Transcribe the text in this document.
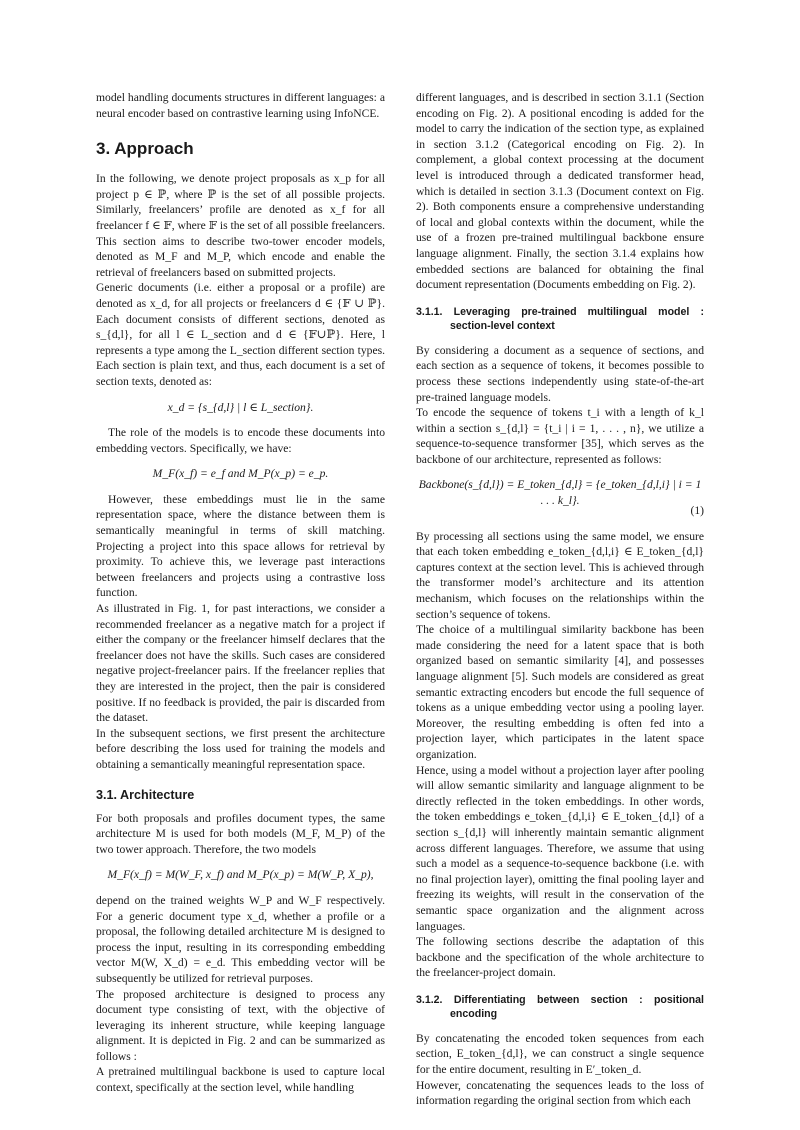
model handling documents structures in different languages: a neural encoder based on contrastive learning using InfoNCE.

3. Approach

In the following, we denote project proposals as x_p for all project p ∈ ℙ, where ℙ is the set of all possible projects. Similarly, freelancers’ profile are denoted as x_f for all freelancer f ∈ 𝔽, where 𝔽 is the set of all possible freelancers. This section aims to describe two-tower encoder models, denoted as M_F and M_P, which encode and enable the retrieval of freelancers based on submitted projects.

Generic documents (i.e. either a proposal or a profile) are denoted as x_d, for all projects or freelancers d ∈ {𝔽 ∪ ℙ}. Each document consists of different sections, denoted as s_{d,l}, for all l ∈ L_section and d ∈ {𝔽∪ℙ}. Here, l represents a type among the L_section different section types. Each section is plain text, and thus, each document is a set of section texts, denoted as:

x_d = {s_{d,l} | l ∈ L_section}.

The role of the models is to encode these documents into embedding vectors. Specifically, we have:

M_F(x_f) = e_f and M_P(x_p) = e_p.

However, these embeddings must lie in the same representation space, where the distance between them is semantically meaningful in terms of skill matching. Projecting a project into this space allows for retrieval by proximity. To achieve this, we leverage past interactions between freelancers and projects using a contrastive loss function.

As illustrated in Fig. 1, for past interactions, we consider a recommended freelancer as a negative match for a project if either the company or the freelancer himself declares that the freelancer does not have the skills. Such cases are considered negative project-freelancer pairs. If the freelancer replies that they are interested in the project, then the pair is considered positive. If no feedback is provided, the pair is discarded from the dataset.

In the subsequent sections, we first present the architecture before describing the loss used for training the models and obtaining a semantically meaningful representation space.

3.1. Architecture

For both proposals and profiles document types, the same architecture M is used for both models (M_F, M_P) of the two tower approach. Therefore, the two models

M_F(x_f) = M(W_F, x_f) and M_P(x_p) = M(W_P, X_p),

depend on the trained weights W_P and W_F respectively. For a generic document type x_d, whether a profile or a proposal, the following detailed architecture M is designed to process the input, resulting in its corresponding embedding vector M(W, X_d) = e_d. This embedding vector will be subsequently be utilized for retrieval purposes.

The proposed architecture is designed to process any document type consisting of text, with the objective of leveraging its inherent structure, while keeping language alignment. It is depicted in Fig. 2 and can be summarized as follows :

A pretrained multilingual backbone is used to capture local context, specifically at the section level, while handling

different languages, and is described in section 3.1.1 (Section encoding on Fig. 2). A positional encoding is added for the model to carry the indication of the section type, as explained in section 3.1.2 (Categorical encoding on Fig. 2). In complement, a global context processing at the document level is introduced through a dedicated transformer head, which is detailed in section 3.1.3 (Document context on Fig. 2). Both components ensure a comprehensive understanding of local and global contexts within the document, while the use of a frozen pre-trained multilingual backbone ensure language alignment. Finally, the section 3.1.4 explains how embedded sections are balanced for obtaining the final document representation (Documents embedding on Fig. 2).

3.1.1. Leveraging pre-trained multilingual model : section-level context

By considering a document as a sequence of sections, and each section as a sequence of tokens, it becomes possible to process these sections independently using state-of-the-art pre-trained language models.

To encode the sequence of tokens t_i with a length of k_l within a section s_{d,l} = {t_i | i = 1, . . . , n}, we utilize a sequence-to-sequence transformer [35], which serves as the backbone of our architecture, represented as follows:

Backbone(s_{d,l}) = E_token_{d,l} = {e_token_{d,l,i} | i = 1 . . . k_l}.
(1)

By processing all sections using the same model, we ensure that each token embedding e_token_{d,l,i} ∈ E_token_{d,l} captures context at the section level. This is achieved through the transformer model’s architecture and its attention mechanism, which focuses on the relationships within the section’s sequence of tokens.

The choice of a multilingual similarity backbone has been made considering the need for a latent space that is both organized based on semantic similarity [4], and possesses language alignment [5]. Such models are considered as great semantic extracting encoders but encode the full sequence of tokens as a unique embedding vector using a pooling layer. Moreover, the resulting embedding is often fed into a projection layer, which participates in the latent space organization.

Hence, using a model without a projection layer after pooling will allow semantic similarity and language alignment to be directly reflected in the token embeddings. In other words, the token embeddings e_token_{d,l,i} ∈ E_token_{d,l} of a section s_{d,l} will inherently maintain semantic alignment across different languages. Therefore, we assume that using such a model as a sequence-to-sequence backbone (i.e. with no final projection layer), omitting the final pooling layer and freezing its weights, will result in the conservation of the semantic space organization and the alignment across languages.

The following sections describe the adaptation of this backbone and the specification of the whole architecture to the freelancer-project domain.

3.1.2. Differentiating between section : positional encoding

By concatenating the encoded token sequences from each section, E_token_{d,l}, we can construct a single sequence for the entire document, resulting in E′_token_d.

However, concatenating the sequences leads to the loss of information regarding the original section from which each
